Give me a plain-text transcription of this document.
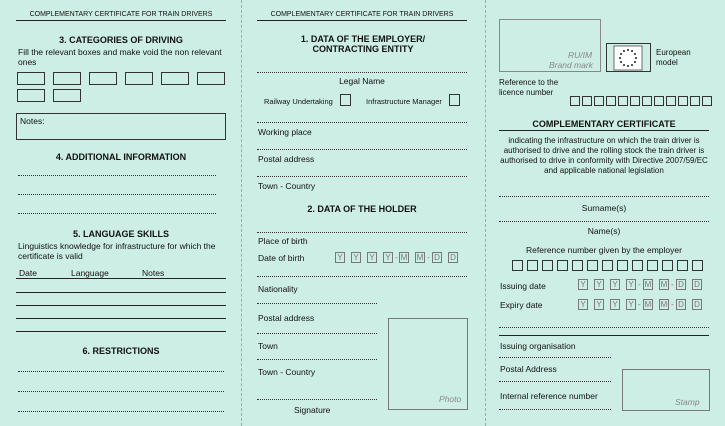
COMPLEMENTARY CERTIFICATE FOR TRAIN DRIVERS
3. CATEGORIES OF DRIVING
Fill the relevant boxes and make void the non relevant ones
Notes:
4. ADDITIONAL INFORMATION
5. LANGUAGE SKILLS
Linguistics knowledge for infrastructure for which the certificate is valid
Date	Language	Notes
6. RESTRICTIONS
COMPLEMENTARY CERTIFICATE FOR TRAIN DRIVERS
1. DATA OF THE EMPLOYER/ CONTRACTING ENTITY
Legal Name
Railway Undertaking	Infrastructure Manager
Working place
Postal address
Town - Country
2. DATA OF THE HOLDER
Place of birth
Date of birth	Y Y Y Y - M M - D D
Nationality
Postal address
Town
Town - Country
Signature
Photo
RU/IM
Brand mark
European model
Reference to the licence number
COMPLEMENTARY CERTIFICATE
indicating the infrastructure on which the train driver is authorised to drive and the rolling stock the train driver is authorised to drive in conformity with Directive 2007/59/EC and applicable national legislation
Surname(s)
Name(s)
Reference number given by the employer
Issuing date	Y Y Y Y - M M - D D
Expiry date	Y Y Y Y - M M - D D
Issuing organisation
Postal Address
Internal reference number
Stamp
